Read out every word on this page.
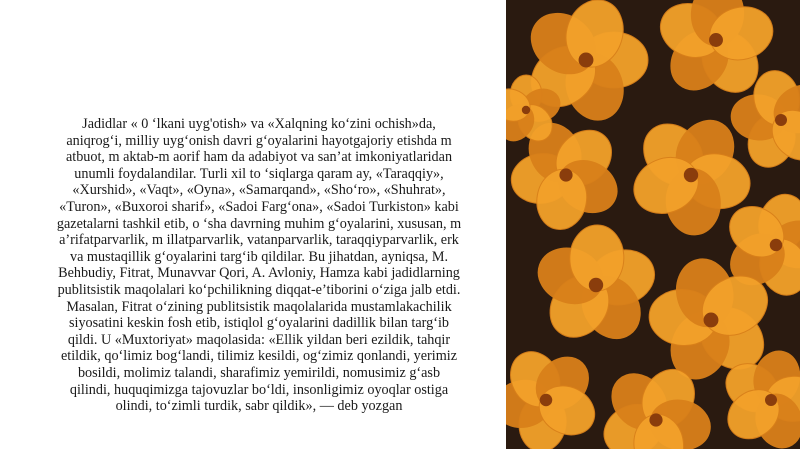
Jadidlar « 0 ‘lkani uyg'otish» va «Xalqning ko‘zini ochish»da,
aniqrog‘i, milliy uyg‘onish davri g‘oyalarini hayotgajoriy etishda m
atbuot, m aktab-m aorif ham da adabiyot va san’at imkoniyatlaridan
unumli foydalandilar. Turli xil to ‘siqlarga qaram ay, «Taraqqiy»,
«Xurshid», «Vaqt», «Oyna», «Samarqand», «Sho‘ro», «Shuhrat»,
«Turon», «Buxoroi sharif», «Sadoi Farg‘ona», «Sadoi Turkiston» kabi
gazetalarni tashkil etib, o ‘sha davrning muhim g‘oyalarini, xususan, m
a’rifatparvarlik, m illatparvarlik, vatanparvarlik, taraqqiyparvarlik, erk
va mustaqillik g‘oyalarini targ‘ib qildilar. Bu jihatdan, ayniqsa, M.
Behbudiy, Fitrat, Munavvar Qori, A. Avloniy, Hamza kabi jadidlarning
publitsistik maqolalari ko‘pchilikning diqqat-e’tiborini o‘ziga jalb etdi.
Masalan, Fitrat o‘zining publitsistik maqolalarida mustamlakachilik
siyosatini keskin fosh etib, istiqlol g‘oyalarini dadillik bilan targ‘ib
qildi. U «Muxtoriyat» maqolasida: «Ellik yildan beri ezildik, tahqir
etildik, qo‘limiz bog‘landi, tilimiz kesildi, og‘zimiz qonlandi, yerimiz
bosildi, molimiz talandi, sharafimiz yemirildi, nomusimiz g‘asb
qilindi, huquqimizga tajovuzlar bo‘ldi, insonligimiz oyoqlar ostiga
olindi, to‘zimli turdik, sabr qildik», — deb yozgan
